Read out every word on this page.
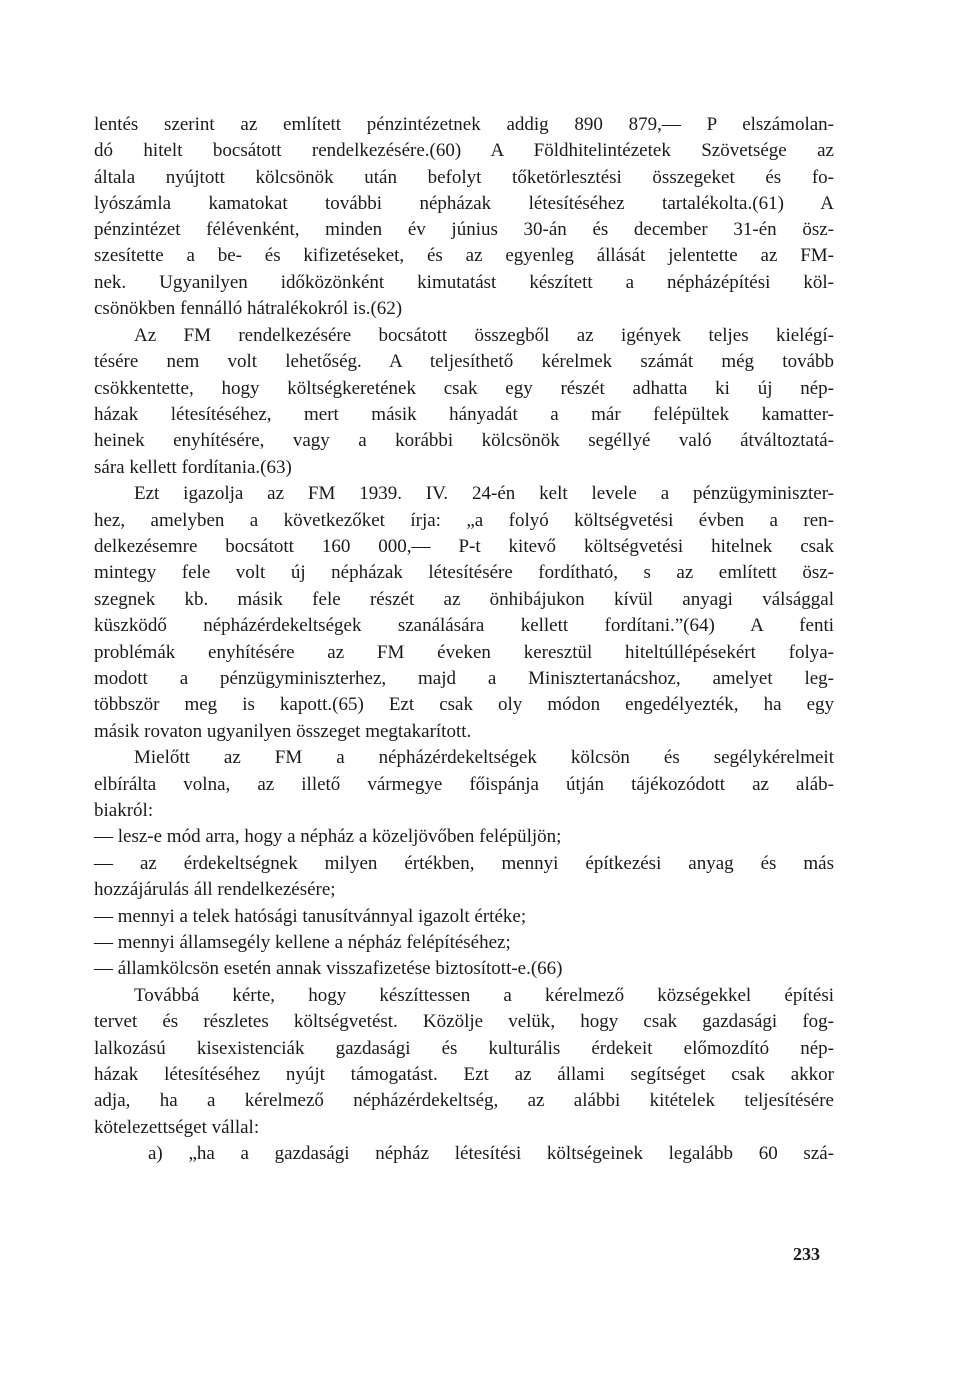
lentés szerint az említett pénzintézetnek addig 890 879,— P elszámolan-
dó hitelt bocsátott rendelkezésére.(60) A Földhitelintézetek Szövetsége az
általa nyújtott kölcsönök után befolyt tőketörlesztési összegeket és fo-
lyószámla kamatokat további népházak létesítéséhez tartalékolta.(61) A
pénzintézet félévenként, minden év június 30-án és december 31-én ösz-
szesítette a be- és kifizetéseket, és az egyenleg állását jelentette az FM-
nek. Ugyanilyen időközönként kimutatást készített a népházépítési köl-
csönökben fennálló hátralékokról is.(62)
Az FM rendelkezésére bocsátott összegből az igények teljes kielégí-
tésére nem volt lehetőség. A teljesíthető kérelmek számát még tovább
csökkentette, hogy költségkeretének csak egy részét adhatta ki új nép-
házak létesítéséhez, mert másik hányadát a már felépültek kamatter-
heinek enyhítésére, vagy a korábbi kölcsönök segéllyé való átváltoztatá-
sára kellett fordítania.(63)
Ezt igazolja az FM 1939. IV. 24-én kelt levele a pénzügyminiszter-
hez, amelyben a következőket írja: „a folyó költségvetési évben a ren-
delkezésemre bocsátott 160 000,— P-t kitevő költségvetési hitelnek csak
mintegy fele volt új népházak létesítésére fordítható, s az említett ösz-
szegnek kb. másik fele részét az önhibájukon kívül anyagi válsággal
küszködő népházérdekeltségek szanálására kellett fordítani.”(64) A fenti
problémák enyhítésére az FM éveken keresztül hiteltúllépésekért folya-
modott a pénzügyminiszterhez, majd a Minisztertanácshoz, amelyet leg-
többször meg is kapott.(65) Ezt csak oly módon engedélyezték, ha egy
másik rovaton ugyanilyen összeget megtakarított.
Mielőtt az FM a népházérdekeltségek kölcsön és segélykérelmeit
elbírálta volna, az illető vármegye főispánja útján tájékozódott az aláb-
biakról:
— lesz-e mód arra, hogy a népház a közeljövőben felépüljön;
— az érdekeltségnek milyen értékben, mennyi építkezési anyag és más
hozzájárulás áll rendelkezésére;
— mennyi a telek hatósági tanusítvánnyal igazolt értéke;
— mennyi államsegély kellene a népház felépítéséhez;
— államkölcsön esetén annak visszafizetése biztosított-e.(66)
Továbbá kérte, hogy készíttessen a kérelmező községekkel építési
tervet és részletes költségvetést. Közölje velük, hogy csak gazdasági fog-
lalkozású kisexistenciák gazdasági és kulturális érdekeit előmozdító nép-
házak létesítéséhez nyújt támogatást. Ezt az állami segítséget csak akkor
adja, ha a kérelmező népházérdekeltség, az alábbi kitételek teljesítésére
kötelezettséget vállal:
a) „ha a gazdasági népház létesítési költségeinek legalább 60 szá-
233
